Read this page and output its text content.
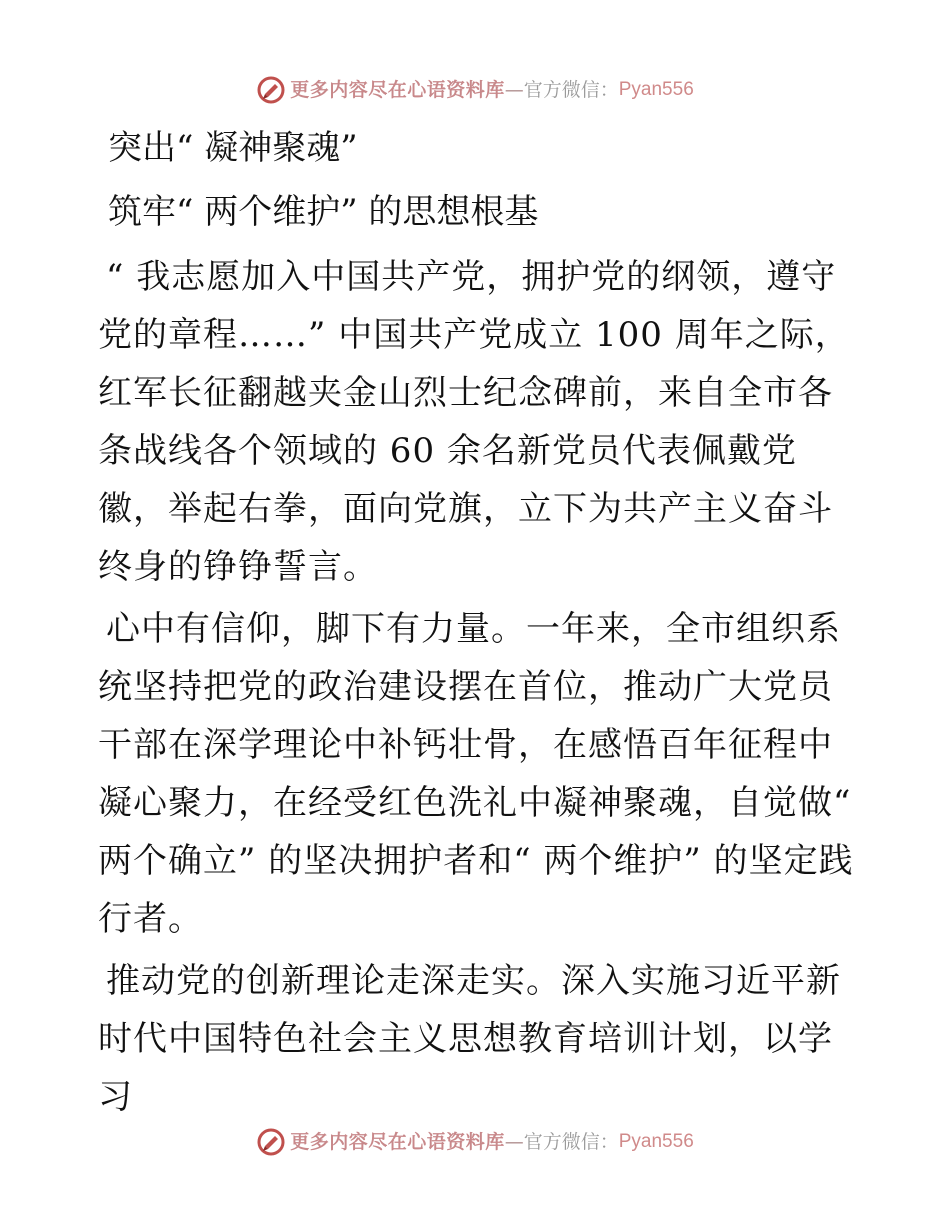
更多内容尽在心语资料库—官方微信：Pyan556
突出“ 凝神聚魂”
筑牢“ 两个维护” 的思想根基

“ 我志愿加入中国共产党，拥护党的纲领，遵守党的章程……” 中国共产党成立 100 周年之际，红军长征翻越夹金山烈士纪念碑前，来自全市各条战线各个领域的 60 余名新党员代表佩戴党徽，举起右拳，面向党旗，立下为共产主义奋斗终身的铮铮誓言。

心中有信仰，脚下有力量。一年来，全市组织系统坚持把党的政治建设摆在首位，推动广大党员干部在深学理论中补钙壮骨，在感悟百年征程中凝心聚力，在经受红色洗礼中凝神聚魂，自觉做“ 两个确立” 的坚决拥护者和“ 两个维护” 的坚定践行者。

推动党的创新理论走深走实。深入实施习近平新时代中国特色社会主义思想教育培训计划，以学习

更多内容尽在心语资料库—官方微信：Pyan556
